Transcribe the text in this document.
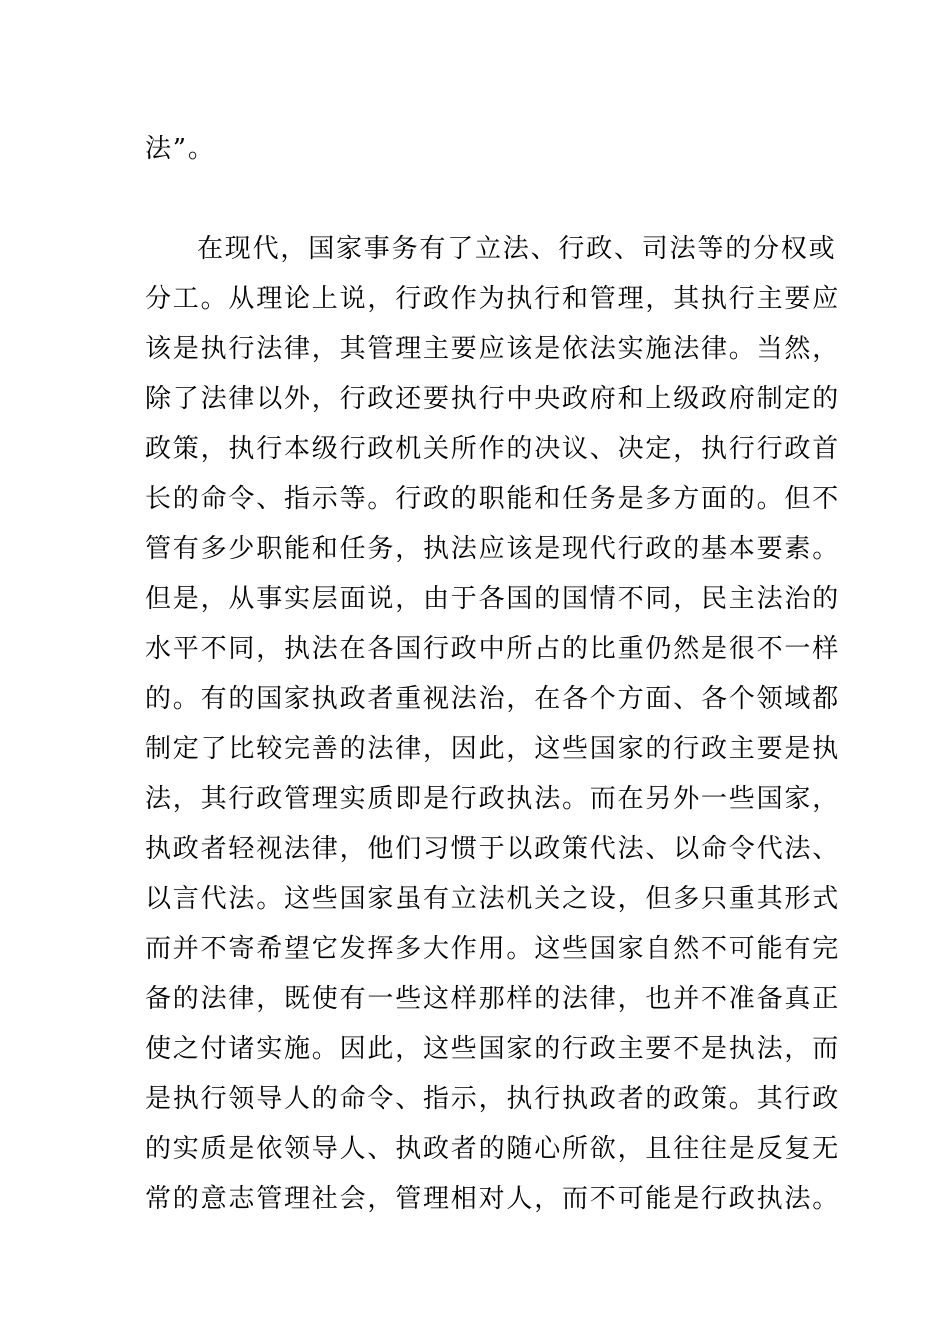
法”。
在现代，国家事务有了立法、行政、司法等的分权或
分工。从理论上说，行政作为执行和管理，其执行主要应
该是执行法律，其管理主要应该是依法实施法律。当然，
除了法律以外，行政还要执行中央政府和上级政府制定的
政策，执行本级行政机关所作的决议、决定，执行行政首
长的命令、指示等。行政的职能和任务是多方面的。但不
管有多少职能和任务，执法应该是现代行政的基本要素。
但是，从事实层面说，由于各国的国情不同，民主法治的
水平不同，执法在各国行政中所占的比重仍然是很不一样
的。有的国家执政者重视法治，在各个方面、各个领域都
制定了比较完善的法律，因此，这些国家的行政主要是执
法，其行政管理实质即是行政执法。而在另外一些国家，
执政者轻视法律，他们习惯于以政策代法、以命令代法、
以言代法。这些国家虽有立法机关之设，但多只重其形式
而并不寄希望它发挥多大作用。这些国家自然不可能有完
备的法律，既使有一些这样那样的法律，也并不准备真正
使之付诸实施。因此，这些国家的行政主要不是执法，而
是执行领导人的命令、指示，执行执政者的政策。其行政
的实质是依领导人、执政者的随心所欲，且往往是反复无
常的意志管理社会，管理相对人，而不可能是行政执法。
